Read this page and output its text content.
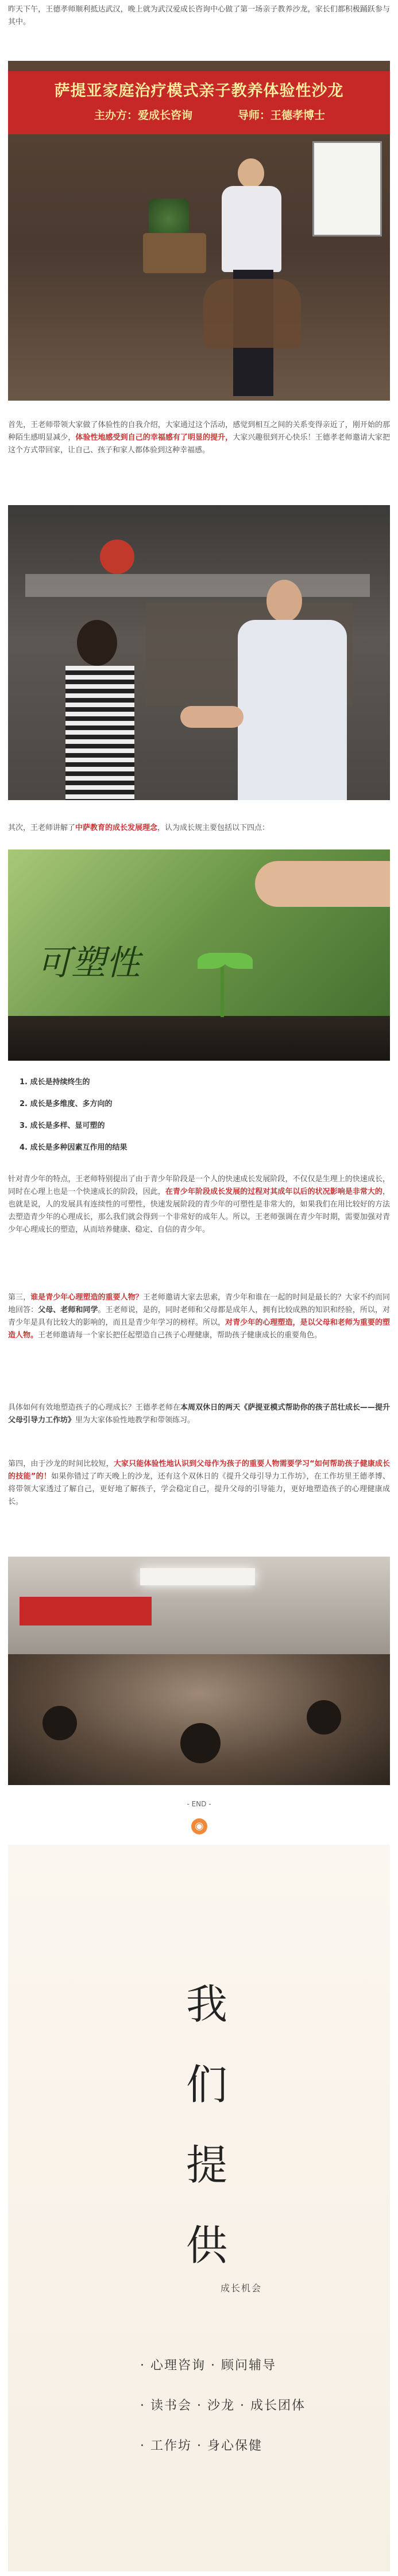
昨天下午，王德孝师顺利抵达武汉，晚上就为武汉爱成长咨询中心做了第一场亲子教养沙龙，家长们都积极踊跃参与其中。
萨提亚家庭治疗模式亲子教养体验性沙龙
主办方：爱成长咨询	导师：王德孝博士
首先，王老师带领大家做了体验性的自我介绍，大家通过这个活动，感觉到相互之间的关系变得亲近了，刚开始的那种陌生感明显减少，体验性地感受到自己的幸福感有了明显的提升，大家兴趣很到开心快乐！王德孝老师邀请大家把这个方式带回家，让自己、孩子和家人都体验到这种幸福感。
其次，王老师讲解了中萨教育的成长发展理念，认为成长规主要包括以下四点：
可塑性
1. 成长是持续终生的
2. 成长是多维度、多方向的
3. 成长是多样、显可塑的
4. 成长是多种因素互作用的结果
针对青少年的特点，王老师特别提出了由于青少年阶段是一个人的快速成长发展阶段，不仅仅是生理上的快速成长，同时在心理上也是一个快速成长的阶段，因此，在青少年阶段成长发展的过程对其成年以后的状况影响是非常大的，也就是说，人的发展具有连续性的可塑性，快速发展阶段的青少年的可塑性是非常大的，如果我们在用比较好的方法去塑造青少年的心理成长，那么我们就会得到一个非常好的成年人。所以，王老师强调在青少年时期，需要加强对青少年心理成长的塑造，从而培养健康、稳定、自信的青少年。
第三，谁是青少年心理塑造的重要人物？王老师邀请大家去思索，青少年和谁在一起的时间是最长的？大家不约而同地回答：父母、老师和同学。王老师说，是的，同时老师和父母都是成年人，拥有比较成熟的知识和经验，所以，对青少年是具有比较大的影响的，而且是青少年学习的榜样。所以，对青少年的心理塑造，是以父母和老师为重要的塑造人物。王老师邀请每一个家长把任起塑造自己孩子心理健康，帮助孩子健康成长的重要角色。
具体如何有效地塑造孩子的心理成长？王德孝老师在本周双休日的两天《萨提亚模式帮助你的孩子茁壮成长——提升父母引导力工作坊》里为大家体验性地教学和带领练习。
第四，由于沙龙的时间比较短，大家只能体验性地认识到父母作为孩子的重要人物需要学习“如何帮助孩子健康成长的技能”的！如果你错过了昨天晚上的沙龙，还有这个双休日的《提升父母引导力工作坊》，在工作坊里王德孝博、将带领大家透过了解自己，更好地了解孩子，学会稳定自己，提升父母的引导能力，更好地塑造孩子的心理健康成长。
- END -
◉
我
们
提
供
成长机会
· 心理咨询 · 顾问辅导
· 读书会 · 沙龙 · 成长团体
· 工作坊 · 身心保健
